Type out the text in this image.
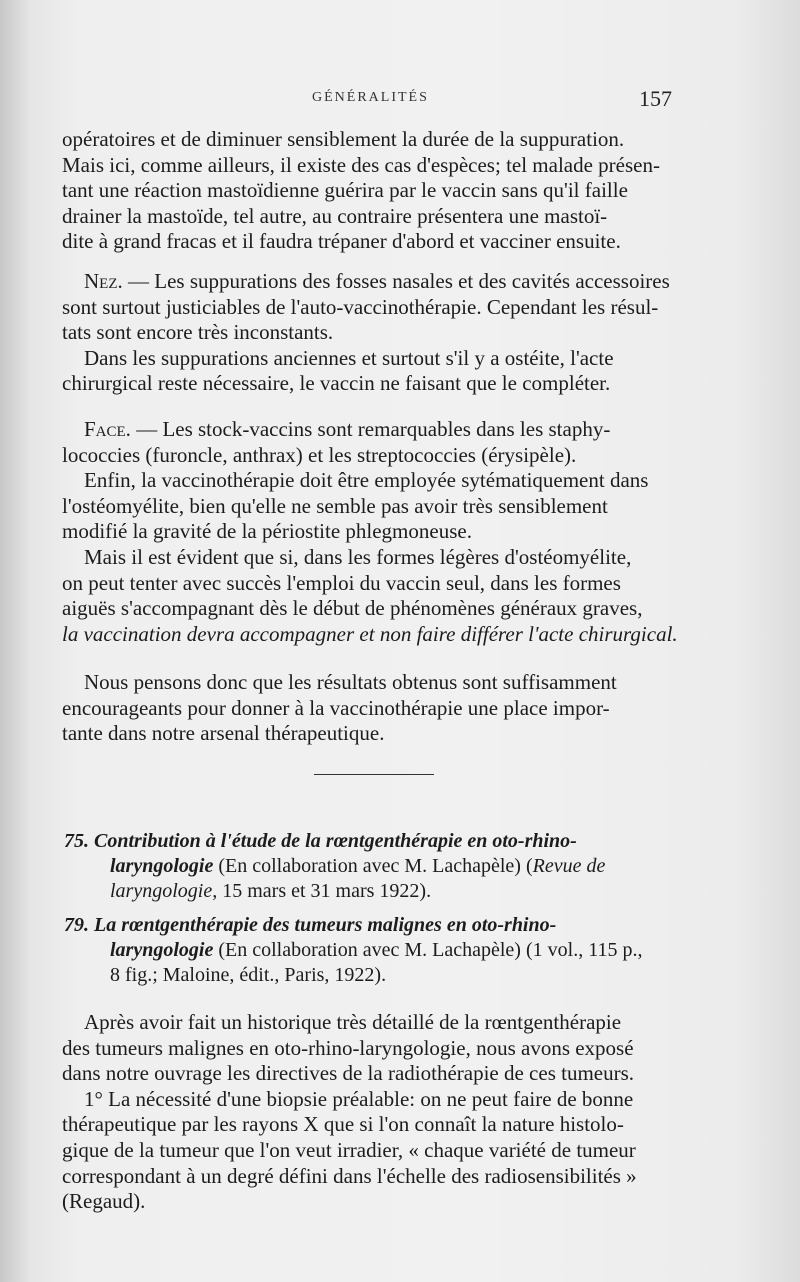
GÉNÉRALITÉS	157
opératoires et de diminuer sensiblement la durée de la suppuration.
Mais ici, comme ailleurs, il existe des cas d'espèces; tel malade présen-
tant une réaction mastoïdienne guérira par le vaccin sans qu'il faille
drainer la mastoïde, tel autre, au contraire présentera une mastoï-
dite à grand fracas et il faudra trépaner d'abord et vacciner ensuite.
Nez. — Les suppurations des fosses nasales et des cavités accessoires
sont surtout justiciables de l'auto-vaccinothérapie. Cependant les résul-
tats sont encore très inconstants.
Dans les suppurations anciennes et surtout s'il y a ostéite, l'acte
chirurgical reste nécessaire, le vaccin ne faisant que le compléter.
Face. — Les stock-vaccins sont remarquables dans les staphy-
lococcies (furoncle, anthrax) et les streptococcies (érysipèle).
Enfin, la vaccinothérapie doit être employée sytématiquement dans
l'ostéomyélite, bien qu'elle ne semble pas avoir très sensiblement
modifié la gravité de la périostite phlegmoneuse.
Mais il est évident que si, dans les formes légères d'ostéomyélite,
on peut tenter avec succès l'emploi du vaccin seul, dans les formes
aiguës s'accompagnant dès le début de phénomènes généraux graves,
la vaccination devra accompagner et non faire différer l'acte chirurgical.
Nous pensons donc que les résultats obtenus sont suffisamment
encourageants pour donner à la vaccinothérapie une place impor-
tante dans notre arsenal thérapeutique.
75. Contribution à l'étude de la rœntgenthérapie en oto-rhino-
laryngologie (En collaboration avec M. Lachapèle) (Revue de
laryngologie, 15 mars et 31 mars 1922).
79. La rœntgenthérapie des tumeurs malignes en oto-rhino-
laryngologie (En collaboration avec M. Lachapèle) (1 vol., 115 p.,
8 fig.; Maloine, édit., Paris, 1922).
Après avoir fait un historique très détaillé de la rœntgenthérapie
des tumeurs malignes en oto-rhino-laryngologie, nous avons exposé
dans notre ouvrage les directives de la radiothérapie de ces tumeurs.
1° La nécessité d'une biopsie préalable: on ne peut faire de bonne
thérapeutique par les rayons X que si l'on connaît la nature histolo-
gique de la tumeur que l'on veut irradier, « chaque variété de tumeur
correspondant à un degré défini dans l'échelle des radiosensibilités »
(Regaud).
